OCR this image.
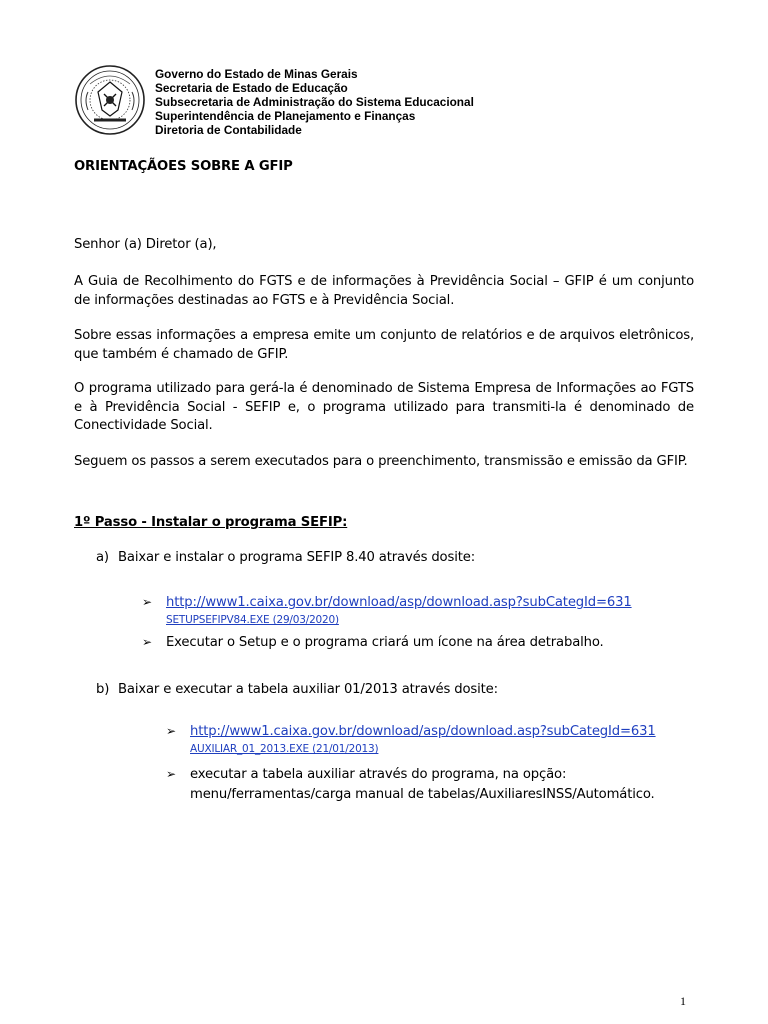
Governo do Estado de Minas Gerais
Secretaria de Estado de Educação
Subsecretaria de Administração do Sistema Educacional
Superintendência de Planejamento e Finanças
Diretoria de Contabilidade
ORIENTAÇÃOES SOBRE A GFIP
Senhor (a) Diretor (a),
A Guia de Recolhimento do FGTS e de informações à Previdência Social – GFIP é um conjunto de informações destinadas ao FGTS e à Previdência Social.
Sobre essas informações a empresa emite um conjunto de relatórios e de arquivos eletrônicos, que também é chamado de GFIP.
O programa utilizado para gerá-la é denominado de Sistema Empresa de Informações ao FGTS e à Previdência Social - SEFIP e, o programa utilizado para transmiti-la é denominado de Conectividade Social.
Seguem os passos a serem executados para o preenchimento, transmissão e emissão da GFIP.
1º Passo - Instalar o programa SEFIP:
a) Baixar e instalar o programa SEFIP 8.40 através dosite:
➢ http://www1.caixa.gov.br/download/asp/download.asp?subCategId=631
SETUPSEFIPV84.EXE (29/03/2020)
➢ Executar o Setup e o programa criará um ícone na área detrabalho.
b) Baixar e executar a tabela auxiliar 01/2013 através dosite:
➢ http://www1.caixa.gov.br/download/asp/download.asp?subCategId=631
AUXILIAR_01_2013.EXE (21/01/2013)
➢ executar a tabela auxiliar através do programa, na opção:
menu/ferramentas/carga manual de tabelas/AuxiliaresINSS/Automático.
1
